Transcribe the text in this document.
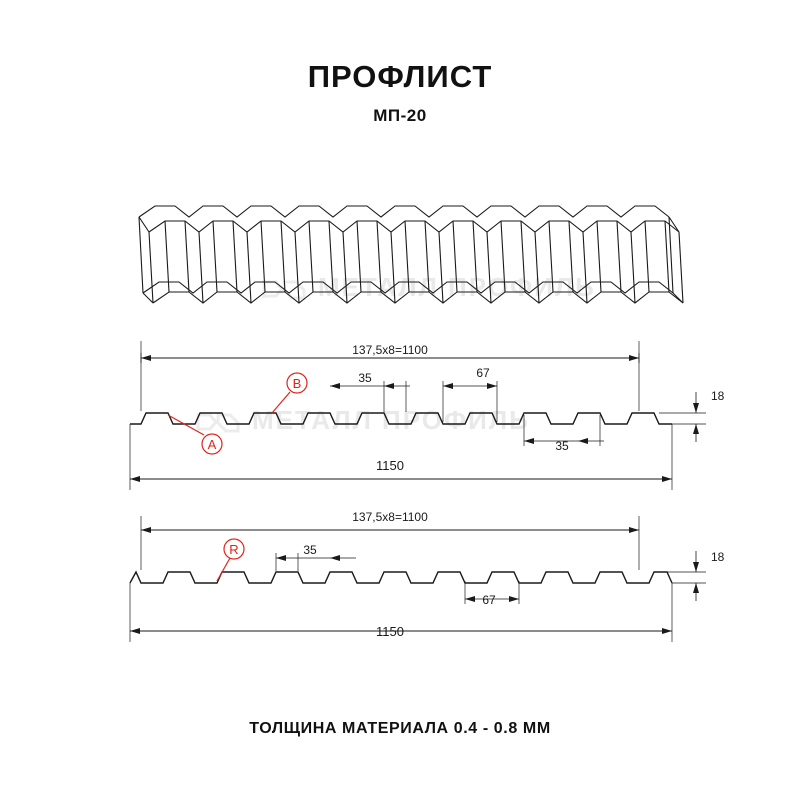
ПРОФЛИСТ
МП-20
МЕТАЛЛ ПРОФИЛЬ
МЕТАЛЛ ПРОФИЛЬ
137,5х8=1100
1150
35	67
35
18
137,5х8=1100
1150
35
67
18
A
B
R
ТОЛЩИНА МАТЕРИАЛА 0.4 - 0.8 ММ
